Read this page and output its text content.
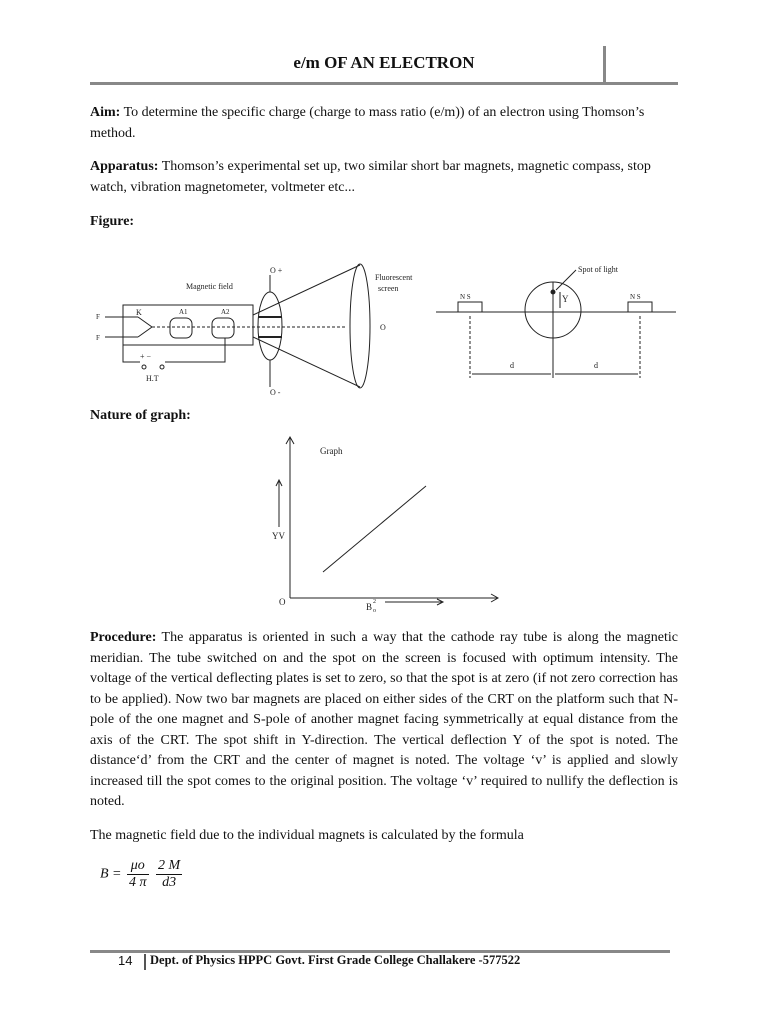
e/m OF AN ELECTRON
Aim: To determine the specific charge (charge to mass ratio (e/m)) of an electron using Thomson’s method.
Apparatus: Thomson’s experimental set up, two similar short bar magnets, magnetic compass, stop watch, vibration magnetometer, voltmeter etc...
Figure:
Magnetic field
Fluorescent
screen
O +
O -
O
K	A1	A2
F
F
+ −
H.T
Spot of light
Y
N S	N S
d	d
Nature of graph:
Graph
YV
O	B o
2
Procedure: The apparatus is oriented in such a way that the cathode ray tube is along the magnetic meridian. The tube switched on and the spot on the screen is focused with optimum intensity. The voltage of the vertical deflecting plates is set to zero, so that the spot is at zero (if not zero correction has to be applied). Now two bar magnets are placed on either sides of the CRT on the platform such that N-pole of the one magnet and S-pole of another magnet facing symmetrically at equal distance from the axis of the CRT. The spot shift in Y-direction. The vertical deflection Y of the spot is noted. The distance‘d’ from the CRT and the center of magnet is noted. The voltage ‘v’ is applied and slowly increased till the spot comes to the original position. The voltage ‘v’ required to nullify the deflection is noted.
The magnetic field due to the individual magnets is calculated by the formula
$B = \frac{\mu o}{4 \pi}$
$\frac{2 M}{d3}$
14 Dept. of Physics HPPC Govt. First Grade College Challakere -577522
